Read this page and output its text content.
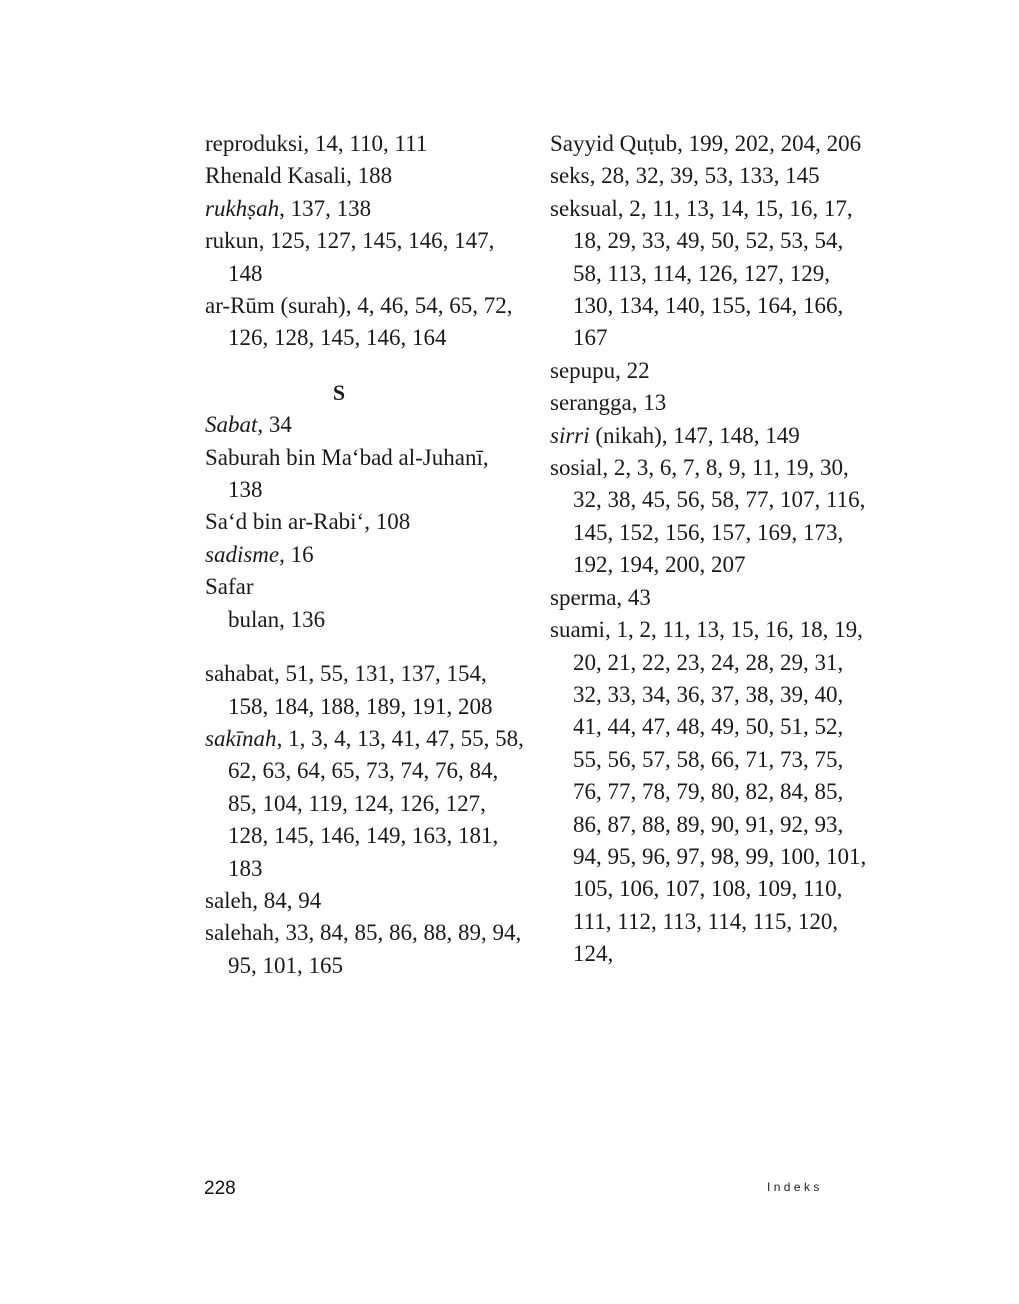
reproduksi, 14, 110, 111
Rhenald Kasali, 188
rukhṣah, 137, 138
rukun, 125, 127, 145, 146, 147, 148
ar-Rūm (surah), 4, 46, 54, 65, 72, 126, 128, 145, 146, 164
S
Sabat, 34
Saburah bin Ma‘bad al-Juhanī, 138
Sa‘d bin ar-Rabi‘, 108
sadisme, 16
Safar
bulan, 136
sahabat, 51, 55, 131, 137, 154, 158, 184, 188, 189, 191, 208
sakīnah, 1, 3, 4, 13, 41, 47, 55, 58, 62, 63, 64, 65, 73, 74, 76, 84, 85, 104, 119, 124, 126, 127, 128, 145, 146, 149, 163, 181, 183
saleh, 84, 94
salehah, 33, 84, 85, 86, 88, 89, 94, 95, 101, 165
Sayyid Quṭub, 199, 202, 204, 206
seks, 28, 32, 39, 53, 133, 145
seksual, 2, 11, 13, 14, 15, 16, 17, 18, 29, 33, 49, 50, 52, 53, 54, 58, 113, 114, 126, 127, 129, 130, 134, 140, 155, 164, 166, 167
sepupu, 22
serangga, 13
sirri (nikah), 147, 148, 149
sosial, 2, 3, 6, 7, 8, 9, 11, 19, 30, 32, 38, 45, 56, 58, 77, 107, 116, 145, 152, 156, 157, 169, 173, 192, 194, 200, 207
sperma, 43
suami, 1, 2, 11, 13, 15, 16, 18, 19, 20, 21, 22, 23, 24, 28, 29, 31, 32, 33, 34, 36, 37, 38, 39, 40, 41, 44, 47, 48, 49, 50, 51, 52, 55, 56, 57, 58, 66, 71, 73, 75, 76, 77, 78, 79, 80, 82, 84, 85, 86, 87, 88, 89, 90, 91, 92, 93, 94, 95, 96, 97, 98, 99, 100, 101, 105, 106, 107, 108, 109, 110, 111, 112, 113, 114, 115, 120, 124,
228	Indeks
